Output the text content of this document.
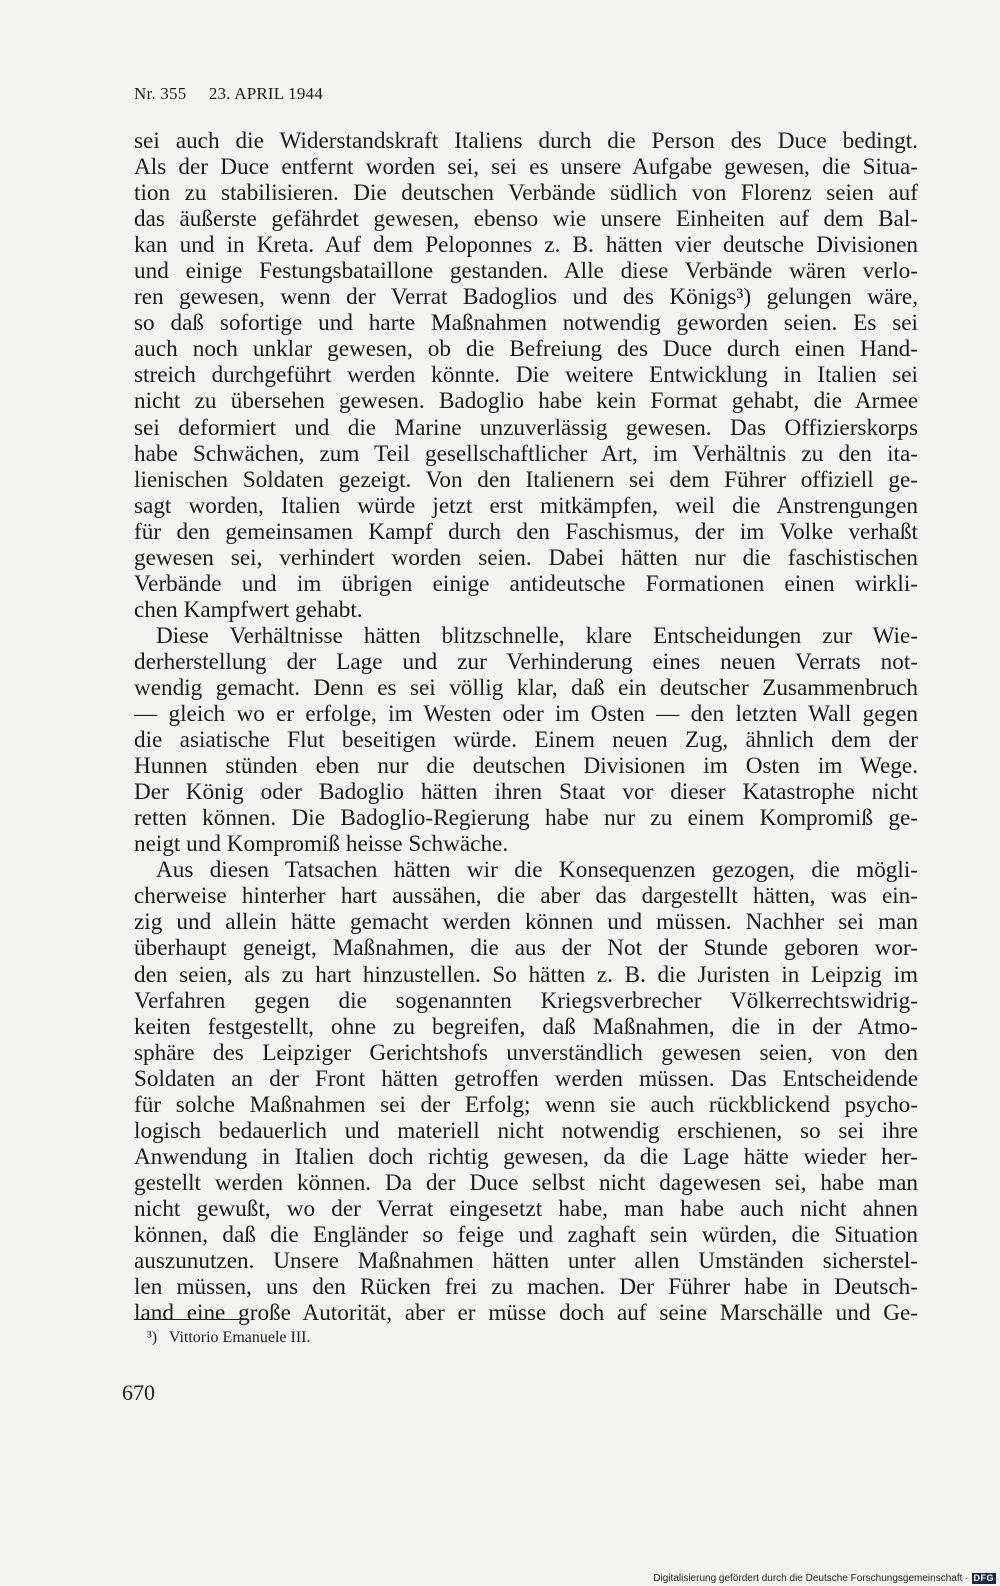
Nr. 355 23. APRIL 1944
sei auch die Widerstandskraft Italiens durch die Person des Duce bedingt.
Als der Duce entfernt worden sei, sei es unsere Aufgabe gewesen, die Situa-
tion zu stabilisieren. Die deutschen Verbände südlich von Florenz seien auf
das äußerste gefährdet gewesen, ebenso wie unsere Einheiten auf dem Bal-
kan und in Kreta. Auf dem Peloponnes z. B. hätten vier deutsche Divisionen
und einige Festungsbataillone gestanden. Alle diese Verbände wären verlo-
ren gewesen, wenn der Verrat Badoglios und des Königs³) gelungen wäre,
so daß sofortige und harte Maßnahmen notwendig geworden seien. Es sei
auch noch unklar gewesen, ob die Befreiung des Duce durch einen Hand-
streich durchgeführt werden könnte. Die weitere Entwicklung in Italien sei
nicht zu übersehen gewesen. Badoglio habe kein Format gehabt, die Armee
sei deformiert und die Marine unzuverlässig gewesen. Das Offizierskorps
habe Schwächen, zum Teil gesellschaftlicher Art, im Verhältnis zu den ita-
lienischen Soldaten gezeigt. Von den Italienern sei dem Führer offiziell ge-
sagt worden, Italien würde jetzt erst mitkämpfen, weil die Anstrengungen
für den gemeinsamen Kampf durch den Faschismus, der im Volke verhaßt
gewesen sei, verhindert worden seien. Dabei hätten nur die faschistischen
Verbände und im übrigen einige antideutsche Formationen einen wirkli-
chen Kampfwert gehabt.
Diese Verhältnisse hätten blitzschnelle, klare Entscheidungen zur Wie-
derherstellung der Lage und zur Verhinderung eines neuen Verrats not-
wendig gemacht. Denn es sei völlig klar, daß ein deutscher Zusammenbruch
— gleich wo er erfolge, im Westen oder im Osten — den letzten Wall gegen
die asiatische Flut beseitigen würde. Einem neuen Zug, ähnlich dem der
Hunnen stünden eben nur die deutschen Divisionen im Osten im Wege.
Der König oder Badoglio hätten ihren Staat vor dieser Katastrophe nicht
retten können. Die Badoglio-Regierung habe nur zu einem Kompromiß ge-
neigt und Kompromiß heisse Schwäche.
Aus diesen Tatsachen hätten wir die Konsequenzen gezogen, die mögli-
cherweise hinterher hart aussähen, die aber das dargestellt hätten, was ein-
zig und allein hätte gemacht werden können und müssen. Nachher sei man
überhaupt geneigt, Maßnahmen, die aus der Not der Stunde geboren wor-
den seien, als zu hart hinzustellen. So hätten z. B. die Juristen in Leipzig im
Verfahren gegen die sogenannten Kriegsverbrecher Völkerrechtswidrig-
keiten festgestellt, ohne zu begreifen, daß Maßnahmen, die in der Atmo-
sphäre des Leipziger Gerichtshofs unverständlich gewesen seien, von den
Soldaten an der Front hätten getroffen werden müssen. Das Entscheidende
für solche Maßnahmen sei der Erfolg; wenn sie auch rückblickend psycho-
logisch bedauerlich und materiell nicht notwendig erschienen, so sei ihre
Anwendung in Italien doch richtig gewesen, da die Lage hätte wieder her-
gestellt werden können. Da der Duce selbst nicht dagewesen sei, habe man
nicht gewußt, wo der Verrat eingesetzt habe, man habe auch nicht ahnen
können, daß die Engländer so feige und zaghaft sein würden, die Situation
auszunutzen. Unsere Maßnahmen hätten unter allen Umständen sicherstel-
len müssen, uns den Rücken frei zu machen. Der Führer habe in Deutsch-
land eine große Autorität, aber er müsse doch auf seine Marschälle und Ge-
³) Vittorio Emanuele III.
670
Digitalisierung gefördert durch die Deutsche Forschungsgemeinschaft · DFG
